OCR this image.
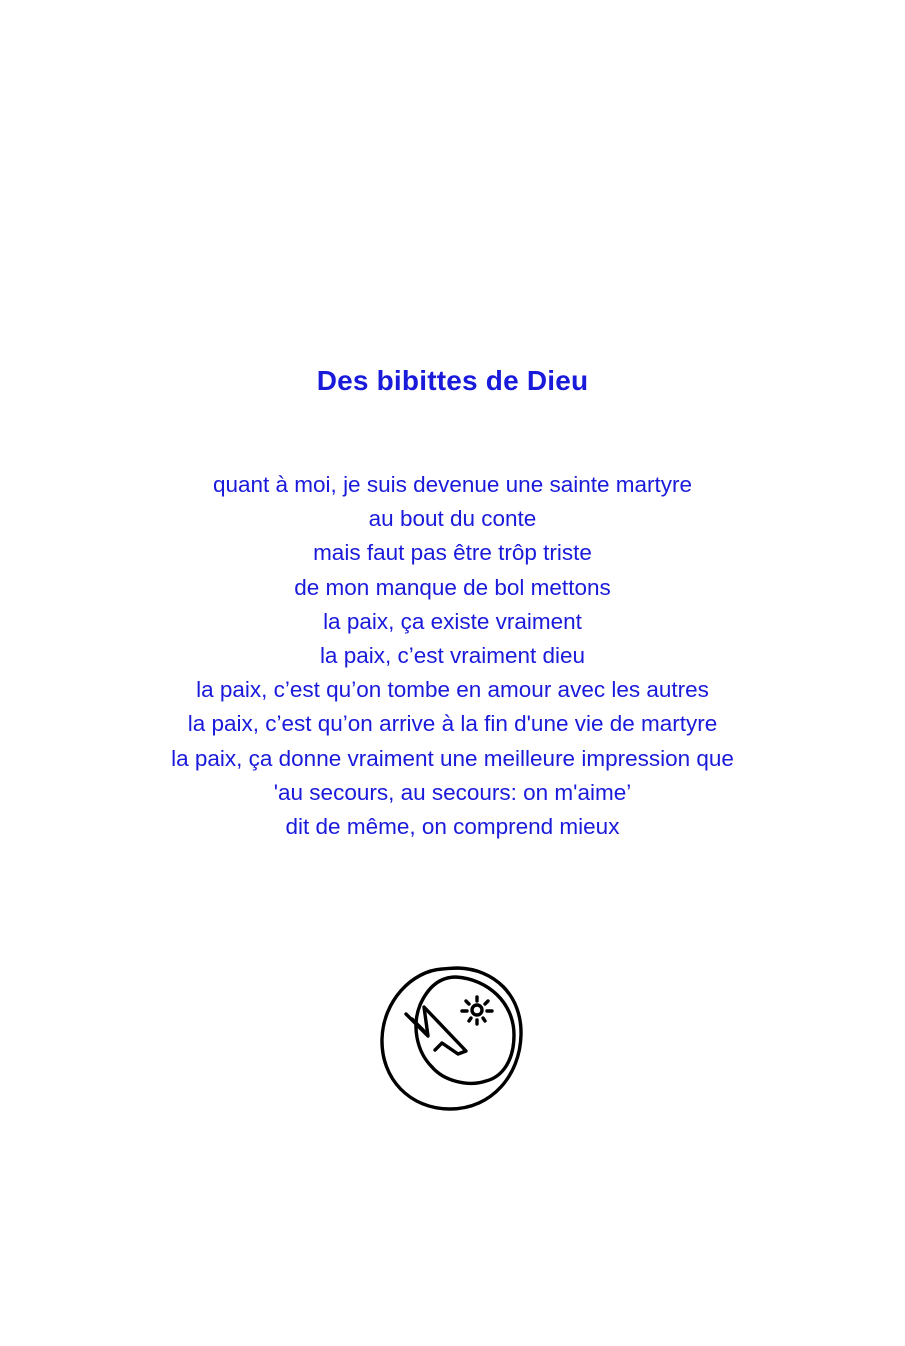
Des bibittes de Dieu
quant à moi, je suis devenue une sainte martyre
au bout du conte
mais faut pas être trôp triste
de mon manque de bol mettons
la paix, ça existe vraiment
la paix, c’est vraiment dieu
la paix, c’est qu’on tombe en amour avec les autres
la paix, c’est qu’on arrive à la fin d'une vie de martyre
la paix, ça donne vraiment une meilleure impression que
'au secours, au secours: on m'aime’
dit de même, on comprend mieux
